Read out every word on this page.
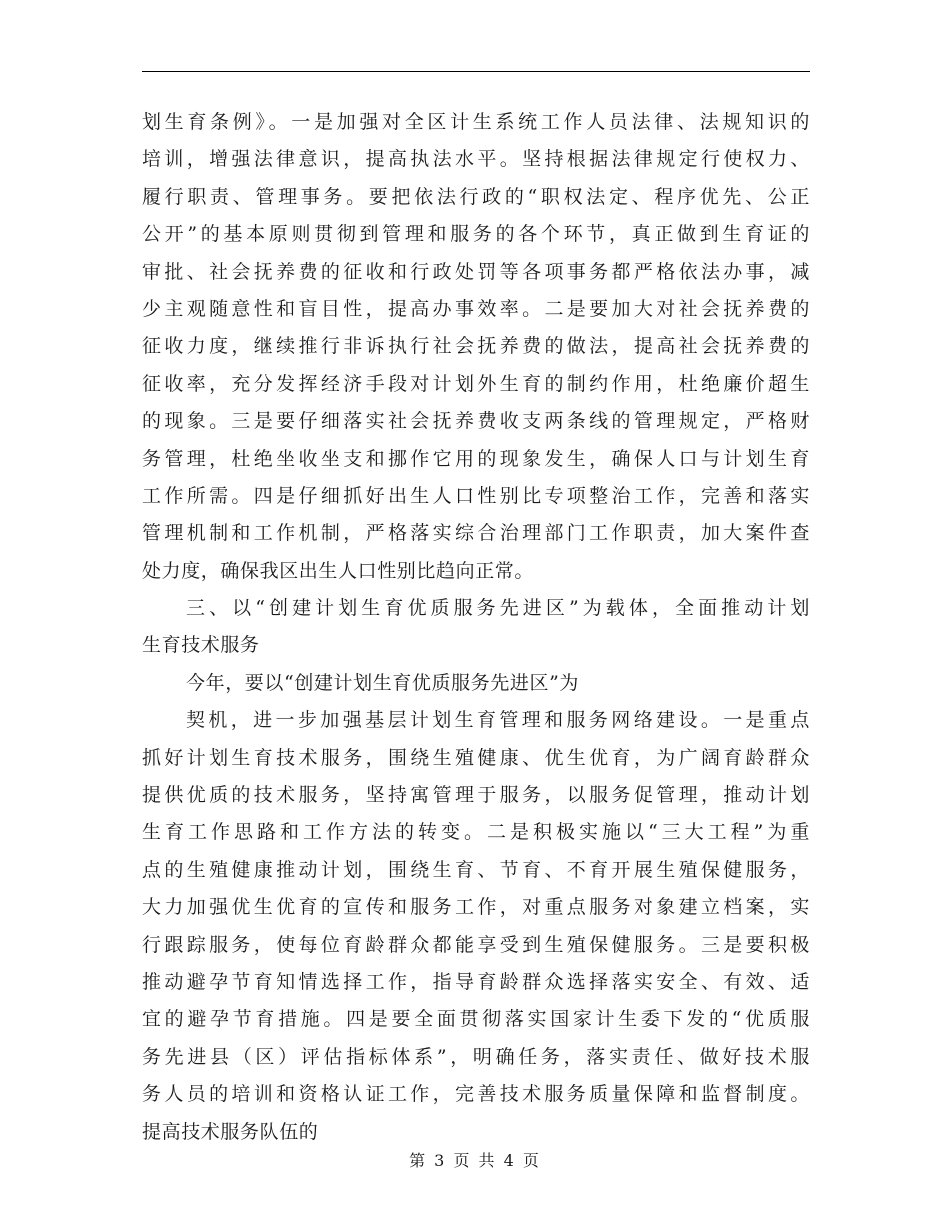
划生育条例》。一是加强对全区计生系统工作人员法律、法规知识的
培训，增强法律意识，提高执法水平。坚持根据法律规定行使权力、
履行职责、管理事务。要把依法行政的“职权法定、程序优先、公正
公开”的基本原则贯彻到管理和服务的各个环节，真正做到生育证的
审批、社会抚养费的征收和行政处罚等各项事务都严格依法办事，减
少主观随意性和盲目性，提高办事效率。二是要加大对社会抚养费的
征收力度，继续推行非诉执行社会抚养费的做法，提高社会抚养费的
征收率，充分发挥经济手段对计划外生育的制约作用，杜绝廉价超生
的现象。三是要仔细落实社会抚养费收支两条线的管理规定，严格财
务管理，杜绝坐收坐支和挪作它用的现象发生，确保人口与计划生育
工作所需。四是仔细抓好出生人口性别比专项整治工作，完善和落实
管理机制和工作机制，严格落实综合治理部门工作职责，加大案件查
处力度，确保我区出生人口性别比趋向正常。
三、以“创建计划生育优质服务先进区”为载体，全面推动计划
生育技术服务
今年，要以“创建计划生育优质服务先进区”为
契机，进一步加强基层计划生育管理和服务网络建设。一是重点
抓好计划生育技术服务，围绕生殖健康、优生优育，为广阔育龄群众
提供优质的技术服务，坚持寓管理于服务，以服务促管理，推动计划
生育工作思路和工作方法的转变。二是积极实施以“三大工程”为重
点的生殖健康推动计划，围绕生育、节育、不育开展生殖保健服务，
大力加强优生优育的宣传和服务工作，对重点服务对象建立档案，实
行跟踪服务，使每位育龄群众都能享受到生殖保健服务。三是要积极
推动避孕节育知情选择工作，指导育龄群众选择落实安全、有效、适
宜的避孕节育措施。四是要全面贯彻落实国家计生委下发的“优质服
务先进县（区）评估指标体系”，明确任务，落实责任、做好技术服
务人员的培训和资格认证工作，完善技术服务质量保障和监督制度。
提高技术服务队伍的
第 3 页 共 4 页
